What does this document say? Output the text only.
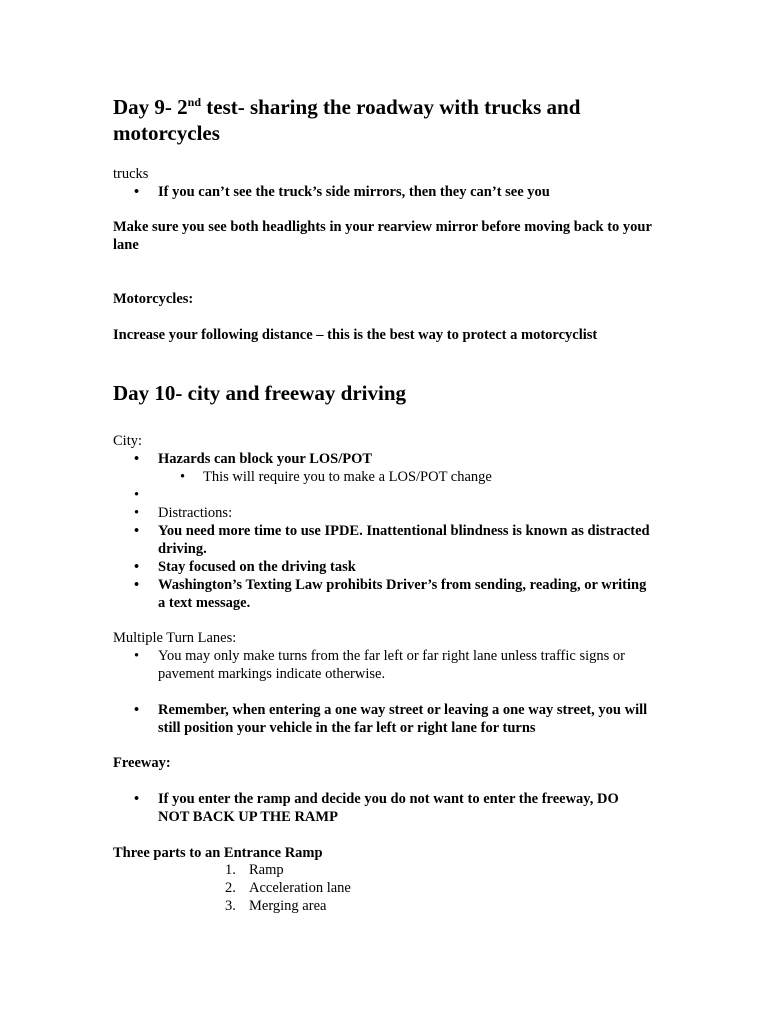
Day 9- 2nd test- sharing the roadway with trucks and motorcycles

trucks

• If you can’t see the truck’s side mirrors, then they can’t see you

Make sure you see both headlights in your rearview mirror before moving back to your lane

Motorcycles:

Increase your following distance – this is the best way to protect a motorcyclist

Day 10- city and freeway driving

City:

• Hazards can block your LOS/POT
• This will require you to make a LOS/POT change
•
• Distractions:
• You need more time to use IPDE. Inattentional blindness is known as distracted driving.
• Stay focused on the driving task
• Washington’s Texting Law prohibits Driver’s from sending, reading, or writing a text message.

Multiple Turn Lanes:

• You may only make turns from the far left or far right lane unless traffic signs or pavement markings indicate otherwise.
• Remember, when entering a one way street or leaving a one way street, you will still position your vehicle in the far left or right lane for turns

Freeway:

• If you enter the ramp and decide you do not want to enter the freeway, DO NOT BACK UP THE RAMP

Three parts to an Entrance Ramp

1. Ramp
2. Acceleration lane
3. Merging area
